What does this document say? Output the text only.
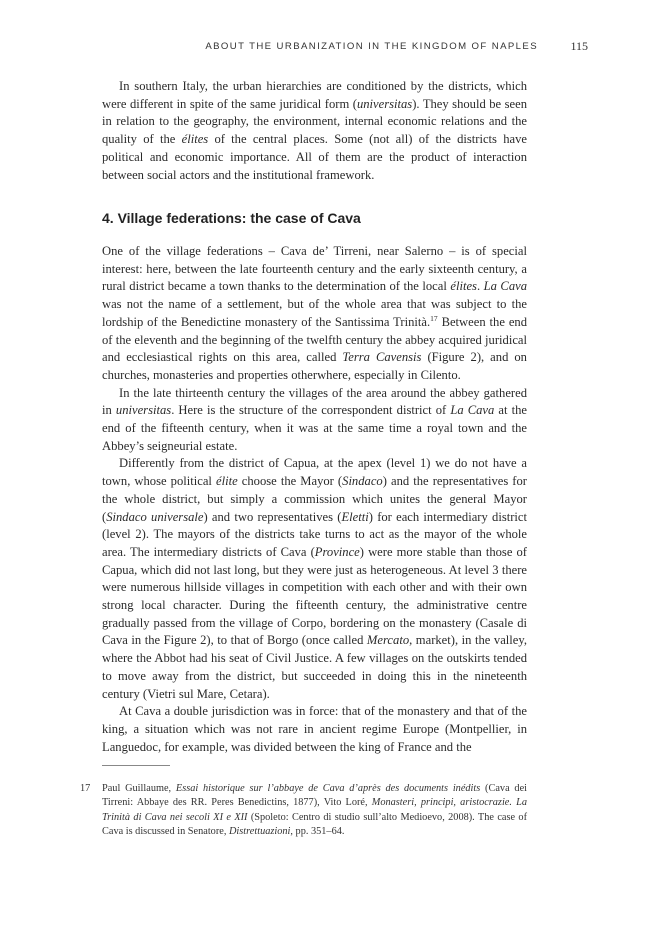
ABOUT THE URBANIZATION IN THE KINGDOM OF NAPLES	115

In southern Italy, the urban hierarchies are conditioned by the districts, which were different in spite of the same juridical form (universitas). They should be seen in relation to the geography, the environment, internal economic relations and the quality of the élites of the central places. Some (not all) of the districts have political and economic importance. All of them are the product of interaction between social actors and the institutional framework.

4. Village federations: the case of Cava

One of the village federations – Cava de’ Tirreni, near Salerno – is of special interest: here, between the late fourteenth century and the early sixteenth century, a rural district became a town thanks to the determination of the local élites. La Cava was not the name of a settlement, but of the whole area that was subject to the lordship of the Benedictine monastery of the Santissima Trinità.$^{17}$ Between the end of the eleventh and the beginning of the twelfth century the abbey acquired juridical and ecclesiastical rights on this area, called Terra Cavensis (Figure 2), and on churches, monasteries and properties otherwhere, especially in Cilento.

In the late thirteenth century the villages of the area around the abbey gathered in universitas. Here is the structure of the correspondent district of La Cava at the end of the fifteenth century, when it was at the same time a royal town and the Abbey’s seigneurial estate.

Differently from the district of Capua, at the apex (level 1) we do not have a town, whose political élite choose the Mayor (Sindaco) and the representatives for the whole district, but simply a commission which unites the general Mayor (Sindaco universale) and two representatives (Eletti) for each intermediary district (level 2). The mayors of the districts take turns to act as the mayor of the whole area. The intermediary districts of Cava (Province) were more stable than those of Capua, which did not last long, but they were just as heterogeneous. At level 3 there were numerous hillside villages in competition with each other and with their own strong local character. During the fifteenth century, the administrative centre gradually passed from the village of Corpo, bordering on the monastery (Casale di Cava in the Figure 2), to that of Borgo (once called Mercato, market), in the valley, where the Abbot had his seat of Civil Justice. A few villages on the outskirts tended to move away from the district, but succeeded in doing this in the nineteenth century (Vietri sul Mare, Cetara).

At Cava a double jurisdiction was in force: that of the monastery and that of the king, a situation which was not rare in ancient regime Europe (Montpellier, in Languedoc, for example, was divided between the king of France and the

17 Paul Guillaume, Essai historique sur l’abbaye de Cava d’après des documents inédits (Cava dei Tirreni: Abbaye des RR. Peres Benedictins, 1877), Vito Loré, Monasteri, principi, aristocrazie. La Trinità di Cava nei secoli XI e XII (Spoleto: Centro di studio sull’alto Medioevo, 2008). The case of Cava is discussed in Senatore, Distrettuazioni, pp. 351–64.
